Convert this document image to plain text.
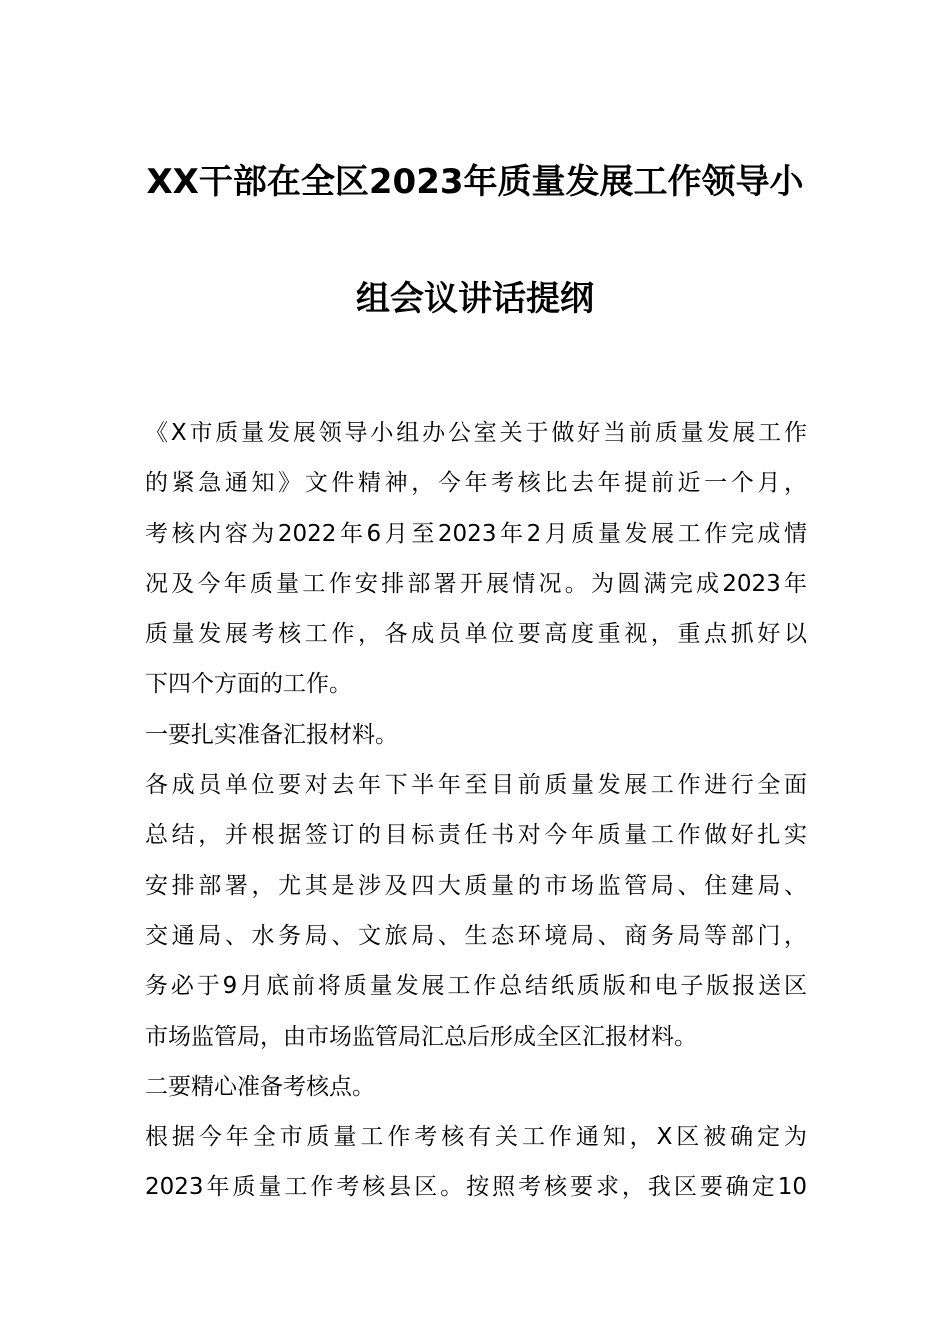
XX干部在全区2023年质量发展工作领导小
组会议讲话提纲
《X市质量发展领导小组办公室关于做好当前质量发展工作
的紧急通知》文件精神，今年考核比去年提前近一个月，
考核内容为2022年6月至2023年2月质量发展工作完成情
况及今年质量工作安排部署开展情况。为圆满完成2023年
质量发展考核工作，各成员单位要高度重视，重点抓好以
下四个方面的工作。
一要扎实准备汇报材料。
各成员单位要对去年下半年至目前质量发展工作进行全面
总结，并根据签订的目标责任书对今年质量工作做好扎实
安排部署，尤其是涉及四大质量的市场监管局、住建局、
交通局、水务局、文旅局、生态环境局、商务局等部门，
务必于9月底前将质量发展工作总结纸质版和电子版报送区
市场监管局，由市场监管局汇总后形成全区汇报材料。
二要精心准备考核点。
根据今年全市质量工作考核有关工作通知，X区被确定为
2023年质量工作考核县区。按照考核要求，我区要确定10
